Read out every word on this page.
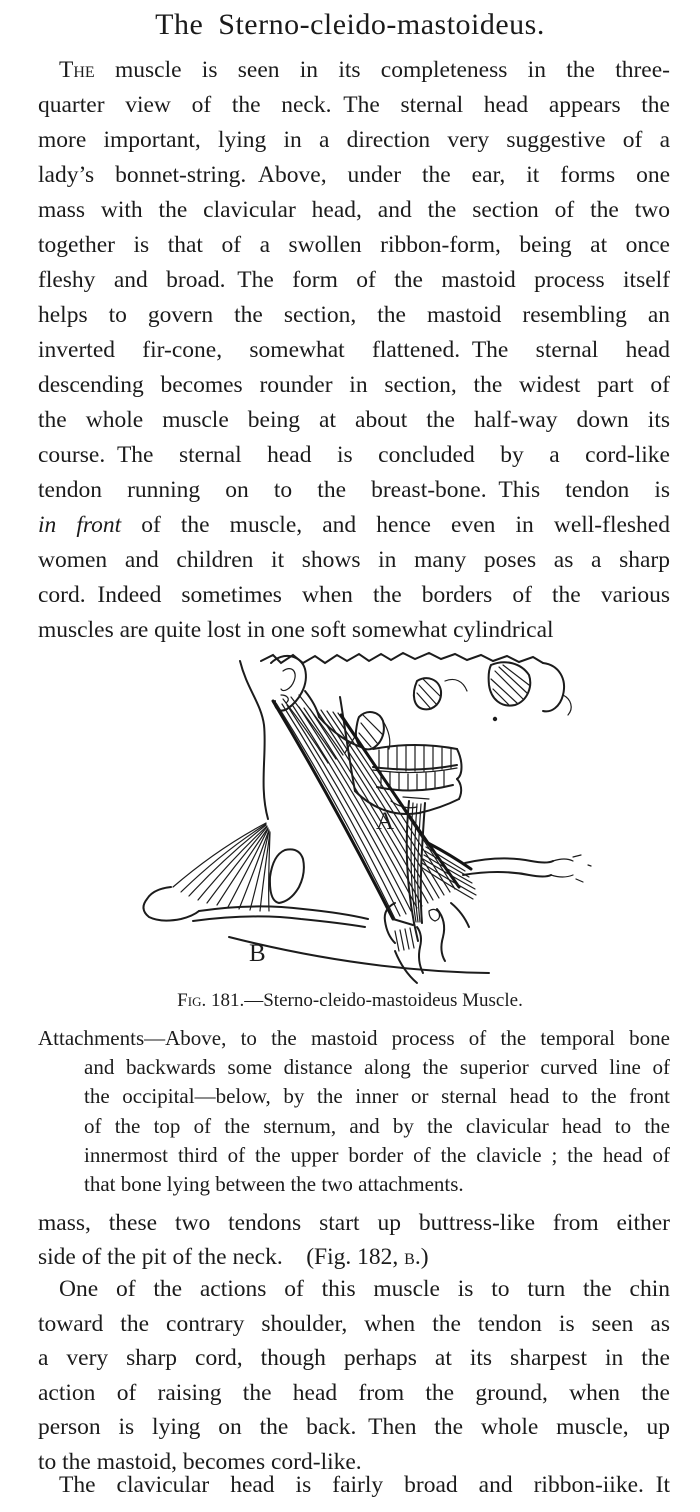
The Sterno-cleido-mastoideus.
The muscle is seen in its completeness in the three-
quarter view of the neck. The sternal head appears the
more important, lying in a direction very suggestive of a
lady’s bonnet-string. Above, under the ear, it forms one
mass with the clavicular head, and the section of the two
together is that of a swollen ribbon-form, being at once
fleshy and broad. The form of the mastoid process itself
helps to govern the section, the mastoid resembling an
inverted fir-cone, somewhat flattened. The sternal head
descending becomes rounder in section, the widest part of
the whole muscle being at about the half-way down its
course. The sternal head is concluded by a cord-like
tendon running on to the breast-bone. This tendon is
in front of the muscle, and hence even in well-fleshed
women and children it shows in many poses as a sharp
cord. Indeed sometimes when the borders of the various
muscles are quite lost in one soft somewhat cylindrical
A
B
Fig. 181.—Sterno-cleido-mastoideus Muscle.
Attachments—Above, to the mastoid process of the temporal bone
and backwards some distance along the superior curved line of
the occipital—below, by the inner or sternal head to the front
of the top of the sternum, and by the clavicular head to the
innermost third of the upper border of the clavicle ; the head of
that bone lying between the two attachments.
mass, these two tendons start up buttress-like from either
side of the pit of the neck.  (Fig. 182, b.)
One of the actions of this muscle is to turn the chin
toward the contrary shoulder, when the tendon is seen as
a very sharp cord, though perhaps at its sharpest in the
action of raising the head from the ground, when the
person is lying on the back. Then the whole muscle, up
to the mastoid, becomes cord-like.
The clavicular head is fairly broad and ribbon-iike. It
